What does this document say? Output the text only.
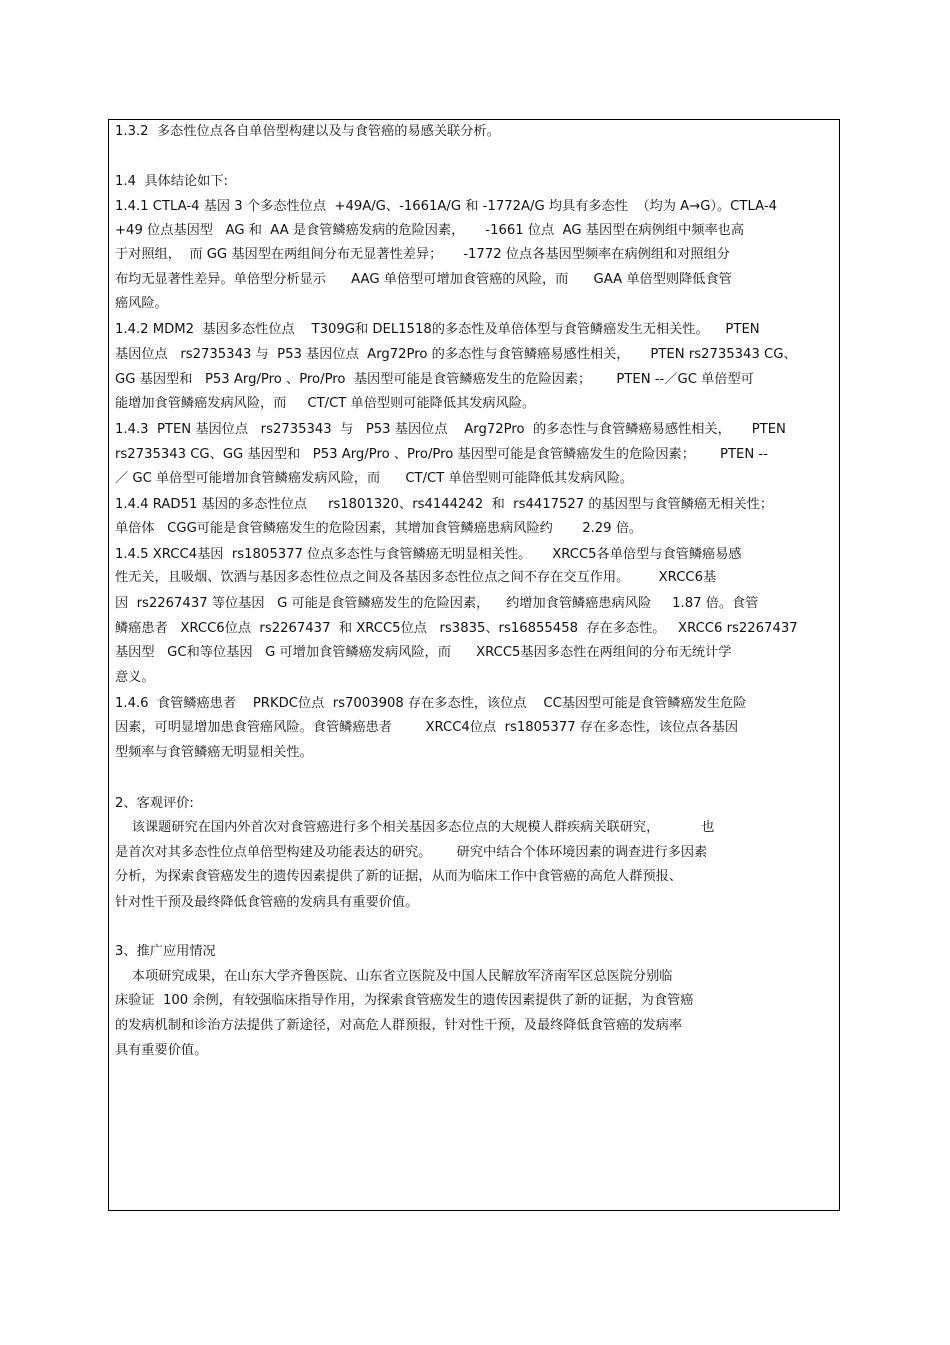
1.3.2  多态性位点各自单倍型构建以及与食管癌的易感关联分析。
1.4  具体结论如下:
1.4.1 CTLA-4 基因 3 个多态性位点  +49A/G、-1661A/G 和 -1772A/G 均具有多态性  （均为 A→G）。CTLA-4
+49 位点基因型   AG 和  AA 是食管鳞癌发病的危险因素，     -1661 位点  AG 基因型在病例组中频率也高
于对照组，  而 GG 基因型在两组间分布无显著性差异；     -1772 位点各基因型频率在病例组和对照组分
布均无显著性差异。单倍型分析显示      AAG 单倍型可增加食管癌的风险，而      GAA 单倍型则降低食管
癌风险。
1.4.2 MDM2  基因多态性位点    T309G和 DEL1518的多态性及单倍体型与食管鳞癌发生无相关性。    PTEN
基因位点   rs2735343 与  P53 基因位点  Arg72Pro 的多态性与食管鳞癌易感性相关，     PTEN rs2735343 CG、
GG 基因型和   P53 Arg/Pro 、Pro/Pro  基因型可能是食管鳞癌发生的危险因素；      PTEN --／GC 单倍型可
能增加食管鳞癌发病风险，而     CT/CT 单倍型则可能降低其发病风险。
1.4.3  PTEN 基因位点   rs2735343  与   P53 基因位点    Arg72Pro  的多态性与食管鳞癌易感性相关，     PTEN
rs2735343 CG、GG 基因型和   P53 Arg/Pro 、Pro/Pro 基因型可能是食管鳞癌发生的危险因素；      PTEN --
／ GC 单倍型可能增加食管鳞癌发病风险，而      CT/CT 单倍型则可能降低其发病风险。
1.4.4 RAD51 基因的多态性位点     rs1801320、rs4144242  和  rs4417527 的基因型与食管鳞癌无相关性；
单倍体   CGG可能是食管鳞癌发生的危险因素，其增加食管鳞癌患病风险约       2.29 倍。
1.4.5 XRCC4基因  rs1805377 位点多态性与食管鳞癌无明显相关性。     XRCC5各单倍型与食管鳞癌易感
性无关，且吸烟、饮酒与基因多态性位点之间及各基因多态性位点之间不存在交互作用。       XRCC6基
因  rs2267437 等位基因   G 可能是食管鳞癌发生的危险因素，    约增加食管鳞癌患病风险     1.87 倍。食管
鳞癌患者   XRCC6位点  rs2267437  和 XRCC5位点   rs3835、rs16855458  存在多态性。   XRCC6 rs2267437
基因型   GC和等位基因   G 可增加食管鳞癌发病风险，而      XRCC5基因多态性在两组间的分布无统计学
意义。
1.4.6  食管鳞癌患者    PRKDC位点  rs7003908 存在多态性，该位点    CC基因型可能是食管鳞癌发生危险
因素，可明显增加患食管癌风险。食管鳞癌患者        XRCC4位点  rs1805377 存在多态性，该位点各基因
型频率与食管鳞癌无明显相关性。
2、客观评价:
该课题研究在国内外首次对食管癌进行多个相关基因多态位点的大规模人群疾病关联研究，          也
是首次对其多态性位点单倍型构建及功能表达的研究。      研究中结合个体环境因素的调查进行多因素
分析，为探索食管癌发生的遗传因素提供了新的证据，从而为临床工作中食管癌的高危人群预报、
针对性干预及最终降低食管癌的发病具有重要价值。
3、推广应用情况
本项研究成果，在山东大学齐鲁医院、山东省立医院及中国人民解放军济南军区总医院分别临
床验证  100 余例，有较强临床指导作用，为探索食管癌发生的遗传因素提供了新的证据，为食管癌
的发病机制和诊治方法提供了新途径，对高危人群预报，针对性干预，及最终降低食管癌的发病率
具有重要价值。
